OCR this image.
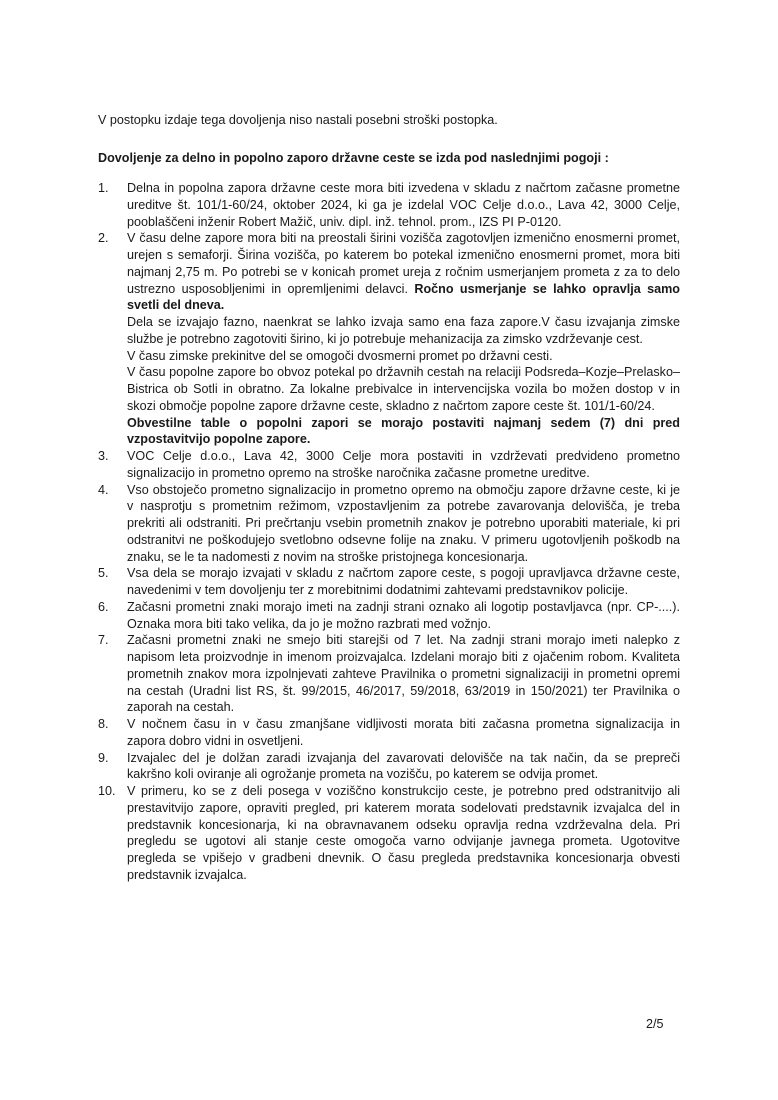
V postopku izdaje tega dovoljenja niso nastali posebni stroški postopka.

Dovoljenje za delno in popolno zaporo državne ceste se izda pod naslednjimi pogoji :

1.	Delna in popolna zapora državne ceste mora biti izvedena v skladu z načrtom začasne prometne ureditve št. 101/1-60/24, oktober 2024, ki ga je izdelal VOC Celje d.o.o., Lava 42, 3000 Celje, pooblaščeni inženir Robert Mažič, univ. dipl. inž. tehnol. prom., IZS PI P-0120.

2.	V času delne zapore mora biti na preostali širini vozišča zagotovljen izmenično enosmerni promet, urejen s semaforji. Širina vozišča, po katerem bo potekal izmenično enosmerni promet, mora biti najmanj 2,75 m. Po potrebi se v konicah promet ureja z ročnim usmerjanjem prometa z za to delo ustrezno usposobljenimi in opremljenimi delavci. Ročno usmerjanje se lahko opravlja samo svetli del dneva.

Dela se izvajajo fazno, naenkrat se lahko izvaja samo ena faza zapore.V času izvajanja zimske službe je potrebno zagotoviti širino, ki jo potrebuje mehanizacija za zimsko vzdrževanje cest.

V času zimske prekinitve del se omogoči dvosmerni promet po državni cesti.

V času popolne zapore bo obvoz potekal po državnih cestah na relaciji Podsreda–Kozje–Prelasko–Bistrica ob Sotli in obratno. Za lokalne prebivalce in intervencijska vozila bo možen dostop v in skozi območje popolne zapore državne ceste, skladno z načrtom zapore ceste št. 101/1-60/24.

Obvestilne table o popolni zapori se morajo postaviti najmanj sedem (7) dni pred vzpostavitvijo popolne zapore.

3.	VOC Celje d.o.o., Lava 42, 3000 Celje mora postaviti in vzdrževati predvideno prometno signalizacijo in prometno opremo na stroške naročnika začasne prometne ureditve.

4.	Vso obstoječo prometno signalizacijo in prometno opremo na območju zapore državne ceste, ki je v nasprotju s prometnim režimom, vzpostavljenim za potrebe zavarovanja delovišča, je treba prekriti ali odstraniti. Pri prečrtanju vsebin prometnih znakov je potrebno uporabiti materiale, ki pri odstranitvi ne poškodujejo svetlobno odsevne folije na znaku. V primeru ugotovljenih poškodb na znaku, se le ta nadomesti z novim na stroške pristojnega koncesionarja.

5.	Vsa dela se morajo izvajati v skladu z načrtom zapore ceste, s pogoji upravljavca državne ceste, navedenimi v tem dovoljenju ter z morebitnimi dodatnimi zahtevami predstavnikov policije.

6.	Začasni prometni znaki morajo imeti na zadnji strani oznako ali logotip postavljavca (npr. CP-....). Oznaka mora biti tako velika, da jo je možno razbrati med vožnjo.

7.	Začasni prometni znaki ne smejo biti starejši od 7 let. Na zadnji strani morajo imeti nalepko z napisom leta proizvodnje in imenom proizvajalca. Izdelani morajo biti z ojačenim robom. Kvaliteta prometnih znakov mora izpolnjevati zahteve Pravilnika o prometni signalizaciji in prometni opremi na cestah (Uradni list RS, št. 99/2015, 46/2017, 59/2018, 63/2019 in 150/2021) ter Pravilnika o zaporah na cestah.

8.	V nočnem času in v času zmanjšane vidljivosti morata biti začasna prometna signalizacija in zapora dobro vidni in osvetljeni.

9.	Izvajalec del je dolžan zaradi izvajanja del zavarovati delovišče na tak način, da se prepreči kakršno koli oviranje ali ogrožanje prometa na vozišču, po katerem se odvija promet.

10. V primeru, ko se z deli posega v voziščno konstrukcijo ceste, je potrebno pred odstranitvijo ali prestavitvijo zapore, opraviti pregled, pri katerem morata sodelovati predstavnik izvajalca del in predstavnik koncesionarja, ki na obravnavanem odseku opravlja redna vzdrževalna dela. Pri pregledu se ugotovi ali stanje ceste omogoča varno odvijanje javnega prometa. Ugotovitve pregleda se vpišejo v gradbeni dnevnik. O času pregleda predstavnika koncesionarja obvesti predstavnik izvajalca.

2/5
